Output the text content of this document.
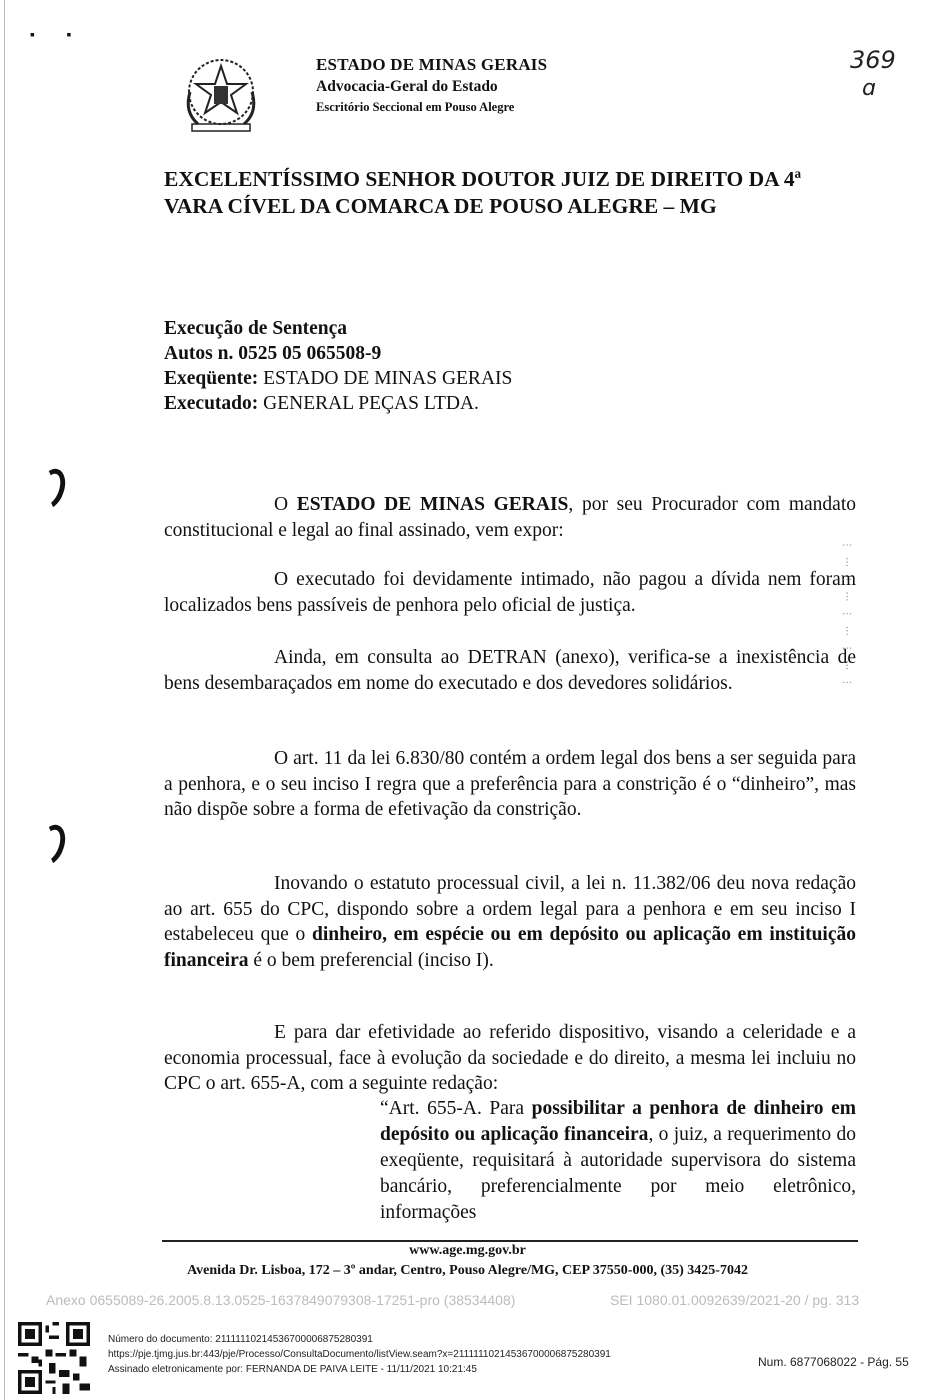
▪         ▪
ESTADO DE MINAS GERAIS
Advocacia-Geral do Estado
Escritório Seccional em Pouso Alegre
369
ɑ
EXCELENTÍSSIMO SENHOR DOUTOR JUIZ DE DIREITO DA 4ª VARA CÍVEL DA COMARCA DE POUSO ALEGRE – MG
Execução de Sentença
Autos n. 0525 05 065508-9
Exeqüente: ESTADO DE MINAS GERAIS
Executado: GENERAL PEÇAS LTDA.
O ESTADO DE MINAS GERAIS, por seu Procurador com mandato constitucional e legal ao final assinado, vem expor:
O executado foi devidamente intimado, não pagou a dívida nem foram localizados bens passíveis de penhora pelo oficial de justiça.
Ainda, em consulta ao DETRAN (anexo), verifica-se a inexistência de bens desembaraçados em nome do executado e dos devedores solidários.
O art. 11 da lei 6.830/80 contém a ordem legal dos bens a ser seguida para a penhora, e o seu inciso I regra que a preferência para a constrição é o “dinheiro”, mas não dispõe sobre a forma de efetivação da constrição.
Inovando o estatuto processual civil, a lei n. 11.382/06 deu nova redação ao art. 655 do CPC, dispondo sobre a ordem legal para a penhora e em seu inciso I estabeleceu que o dinheiro, em espécie ou em depósito ou aplicação em instituição financeira é o bem preferencial (inciso I).
E para dar efetividade ao referido dispositivo, visando a celeridade e a economia processual, face à evolução da sociedade e do direito, a mesma lei incluiu no CPC o art. 655-A, com a seguinte redação:
“Art. 655-A. Para possibilitar a penhora de dinheiro em depósito ou aplicação financeira, o juiz, a requerimento do exeqüente, requisitará à autoridade supervisora do sistema bancário, preferencialmente por meio eletrônico, informações
⋮ ⋯ ⋮ ⋯ ⋮ ⋯ ⋮ ⋯ ⋮
www.age.mg.gov.br
Avenida Dr. Lisboa, 172 – 3º andar, Centro, Pouso Alegre/MG, CEP 37550-000, (35) 3425-7042
Anexo 0655089-26.2005.8.13.0525-1637849079308-17251-pro (38534408)	SEI 1080.01.0092639/2021-20 / pg. 313
Número do documento: 21111110214536700006875280391
https://pje.tjmg.jus.br:443/pje/Processo/ConsultaDocumento/listView.seam?x=21111110214536700006875280391
Assinado eletronicamente por: FERNANDA DE PAIVA LEITE - 11/11/2021 10:21:45
Num. 6877068022 - Pág. 55
